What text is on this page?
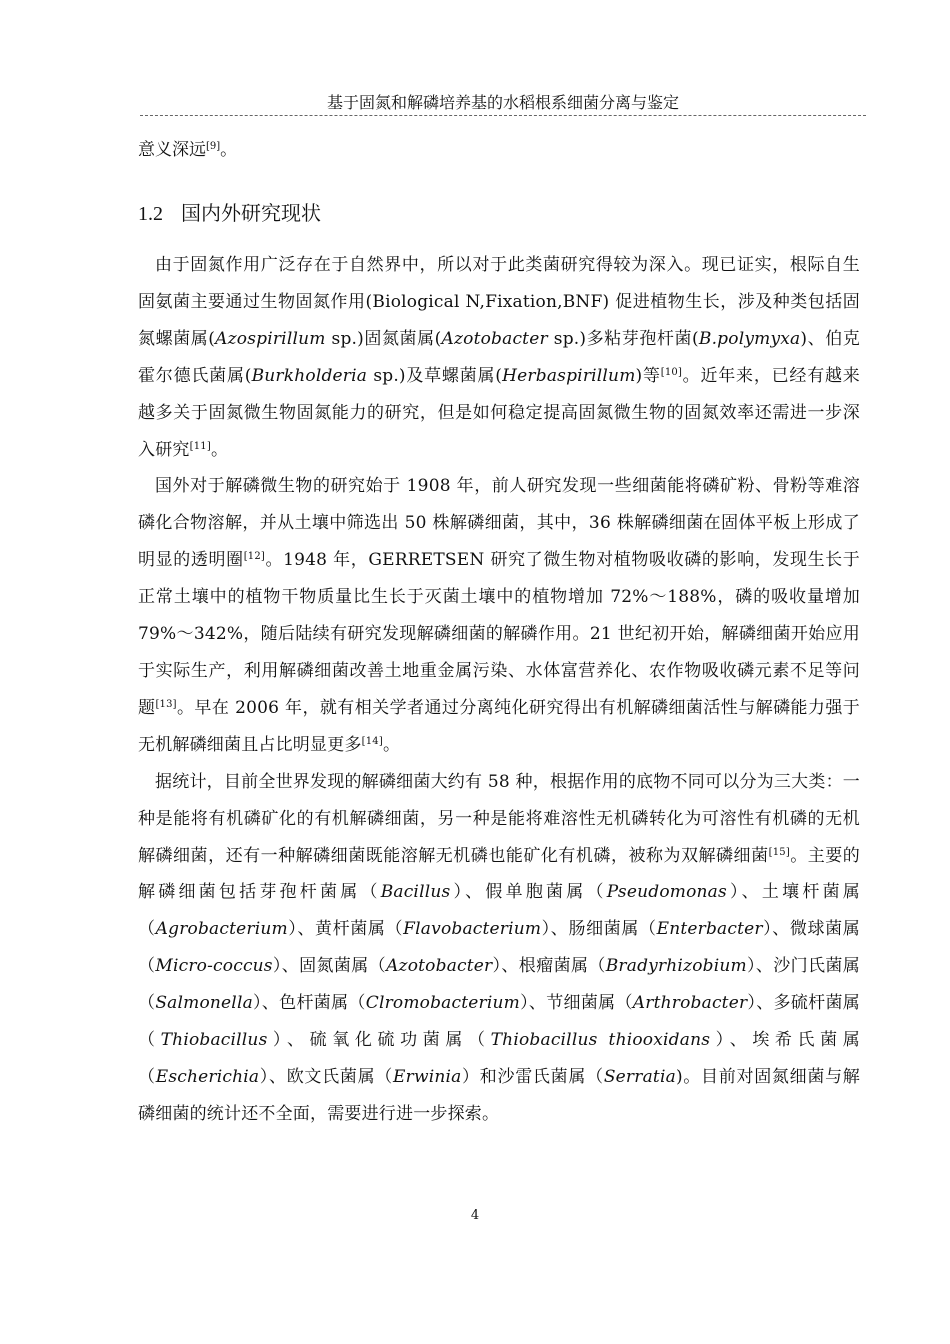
基于固氮和解磷培养基的水稻根系细菌分离与鉴定

意义深远[9]。

1.2 国内外研究现状

由于固氮作用广泛存在于自然界中，所以对于此类菌研究得较为深入。现已证实，根际自生固氨菌主要通过生物固氮作用(Biological N,Fixation,BNF) 促进植物生长，涉及种类包括固氮螺菌属(Azospirillum sp.)固氮菌属(Azotobacter sp.)多粘芽孢杆菌(B.polymyxa)、伯克霍尔德氏菌属(Burkholderia sp.)及草螺菌属(Herbaspirillum)等[10]。近年来，已经有越来越多关于固氮微生物固氮能力的研究，但是如何稳定提高固氮微生物的固氮效率还需进一步深入研究[11]。

国外对于解磷微生物的研究始于 1908 年，前人研究发现一些细菌能将磷矿粉、骨粉等难溶磷化合物溶解，并从土壤中筛选出 50 株解磷细菌，其中，36 株解磷细菌在固体平板上形成了明显的透明圈[12]。1948 年，GERRETSEN 研究了微生物对植物吸收磷的影响，发现生长于正常土壤中的植物干物质量比生长于灭菌土壤中的植物增加 72%～188%，磷的吸收量增加 79%～342%，随后陆续有研究发现解磷细菌的解磷作用。21 世纪初开始，解磷细菌开始应用于实际生产，利用解磷细菌改善土地重金属污染、水体富营养化、农作物吸收磷元素不足等问题[13]。早在 2006 年，就有相关学者通过分离纯化研究得出有机解磷细菌活性与解磷能力强于无机解磷细菌且占比明显更多[14]。

据统计，目前全世界发现的解磷细菌大约有 58 种，根据作用的底物不同可以分为三大类：一种是能将有机磷矿化的有机解磷细菌，另一种是能将难溶性无机磷转化为可溶性有机磷的无机解磷细菌，还有一种解磷细菌既能溶解无机磷也能矿化有机磷，被称为双解磷细菌[15]。主要的解磷细菌包括芽孢杆菌属（Bacillus）、假单胞菌属（Pseudomonas）、土壤杆菌属（Agrobacterium）、黄杆菌属（Flavobacterium）、肠细菌属（Enterbacter）、微球菌属（Micro-coccus）、固氮菌属（Azotobacter）、根瘤菌属（Bradyrhizobium）、沙门氏菌属（Salmonella）、色杆菌属（Clromobacterium）、节细菌属（Arthrobacter）、多硫杆菌属（Thiobacillus）、硫氧化硫功菌属（Thiobacillus thiooxidans）、埃希氏菌属（Escherichia）、欧文氏菌属（Erwinia）和沙雷氏菌属（Serratia)。目前对固氮细菌与解磷细菌的统计还不全面，需要进行进一步探索。

4
